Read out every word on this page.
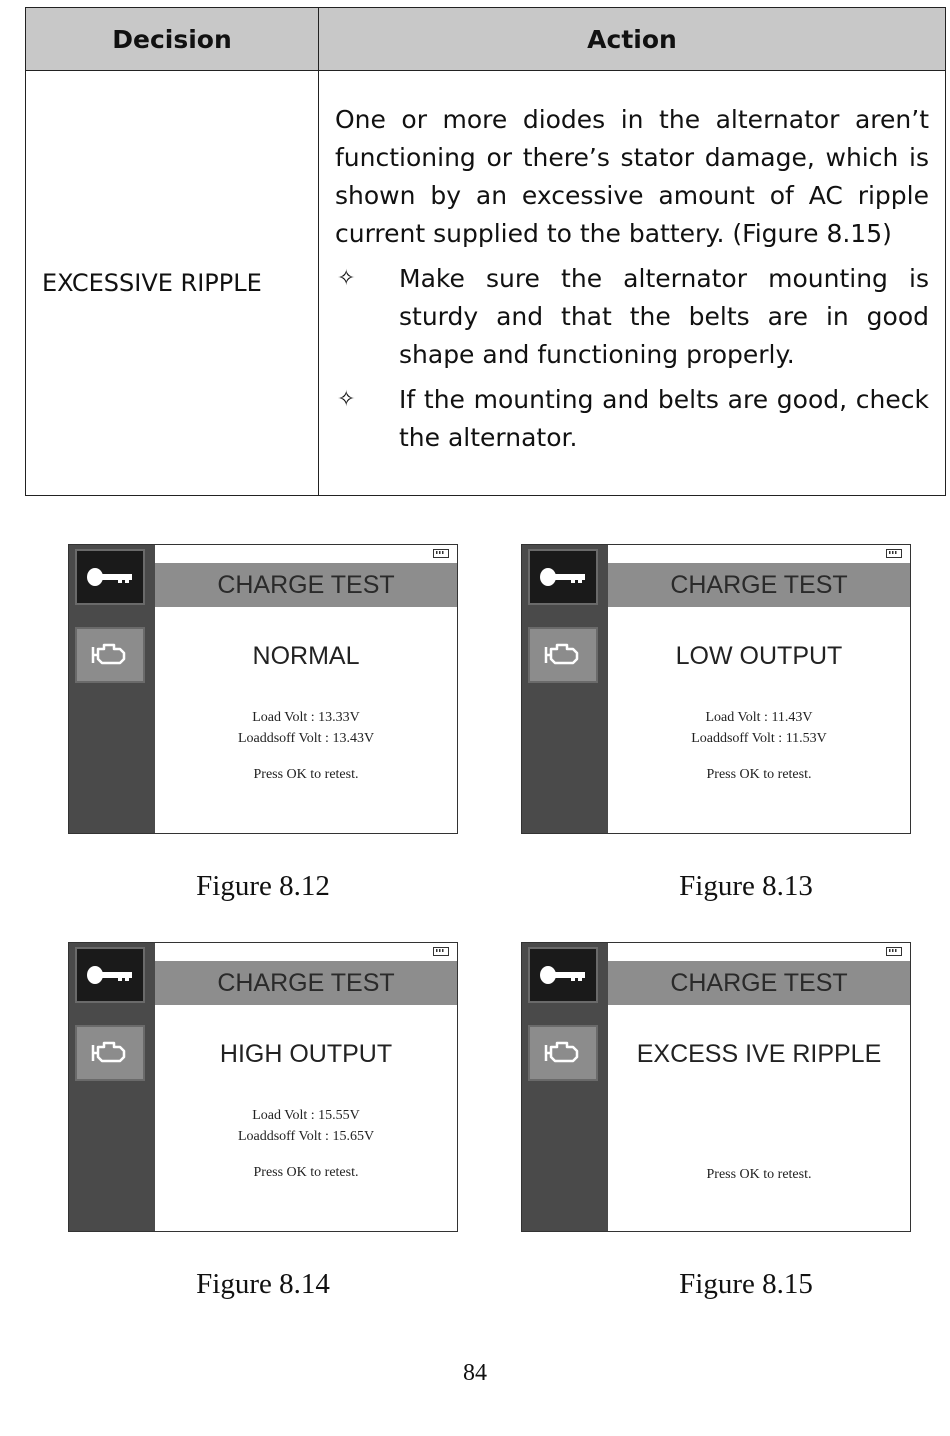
Decision	Action
EXCESSIVE RIPPLE	One or more diodes in the alternator aren’t functioning or there’s stator damage, which is shown by an excessive amount of AC ripple current supplied to the battery. (Figure 8.15)
✧ Make sure the alternator mounting is sturdy and that the belts are in good shape and functioning properly.
✧ If the mounting and belts are good, check the alternator.
CHARGE TEST
NORMAL
Load Volt : 13.33V
Loaddsoff Volt : 13.43V
Press OK to retest.
Figure 8.12
CHARGE TEST
LOW OUTPUT
Load Volt : 11.43V
Loaddsoff Volt : 11.53V
Press OK to retest.
Figure 8.13
CHARGE TEST
HIGH OUTPUT
Load Volt : 15.55V
Loaddsoff Volt : 15.65V
Press OK to retest.
Figure 8.14
CHARGE TEST
EXCESS IVE RIPPLE
Press OK to retest.
Figure 8.15
84
